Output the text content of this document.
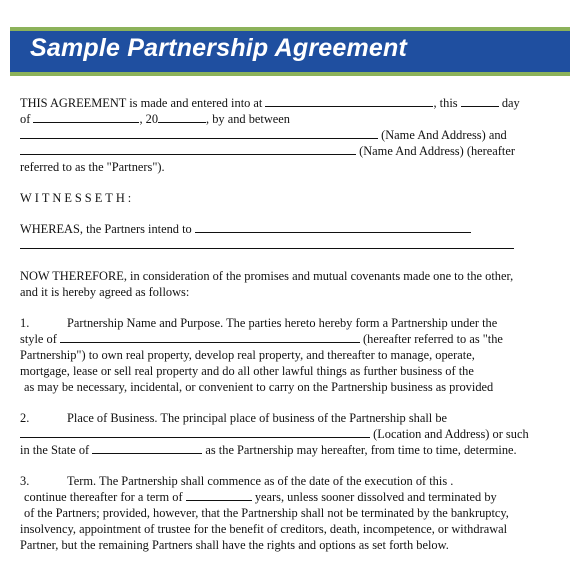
Sample Partnership Agreement
THIS AGREEMENT is made and entered into at	, this	day
of	, 20	, by and between
(Name And Address) and
(Name And Address) (hereafter
referred to as the "Partners").
WITNESSETH:
WHEREAS, the Partners intend to
NOW THEREFORE, in consideration of the promises and mutual covenants made one to the other,
and it is hereby agreed as follows:
1.	Partnership Name and Purpose. The parties hereto hereby form a Partnership under the
style of	(hereafter referred to as "the
Partnership") to own real property, develop real property, and thereafter to manage, operate,
mortgage, lease or sell real property and do all other lawful things as further business of the
as may be necessary, incidental, or convenient to carry on the Partnership business as provided
2.	Place of Business. The principal place of business of the Partnership shall be
(Location and Address) or such
in the State of	as the Partnership may hereafter, from time to time, determine.
3.	Term. The Partnership shall commence as of the date of the execution of this .
continue thereafter for a term of	years, unless sooner dissolved and terminated by
of the Partners; provided, however, that the Partnership shall not be terminated by the bankruptcy,
insolvency, appointment of trustee for the benefit of creditors, death, incompetence, or withdrawal
Partner, but the remaining Partners shall have the rights and options as set forth below.
